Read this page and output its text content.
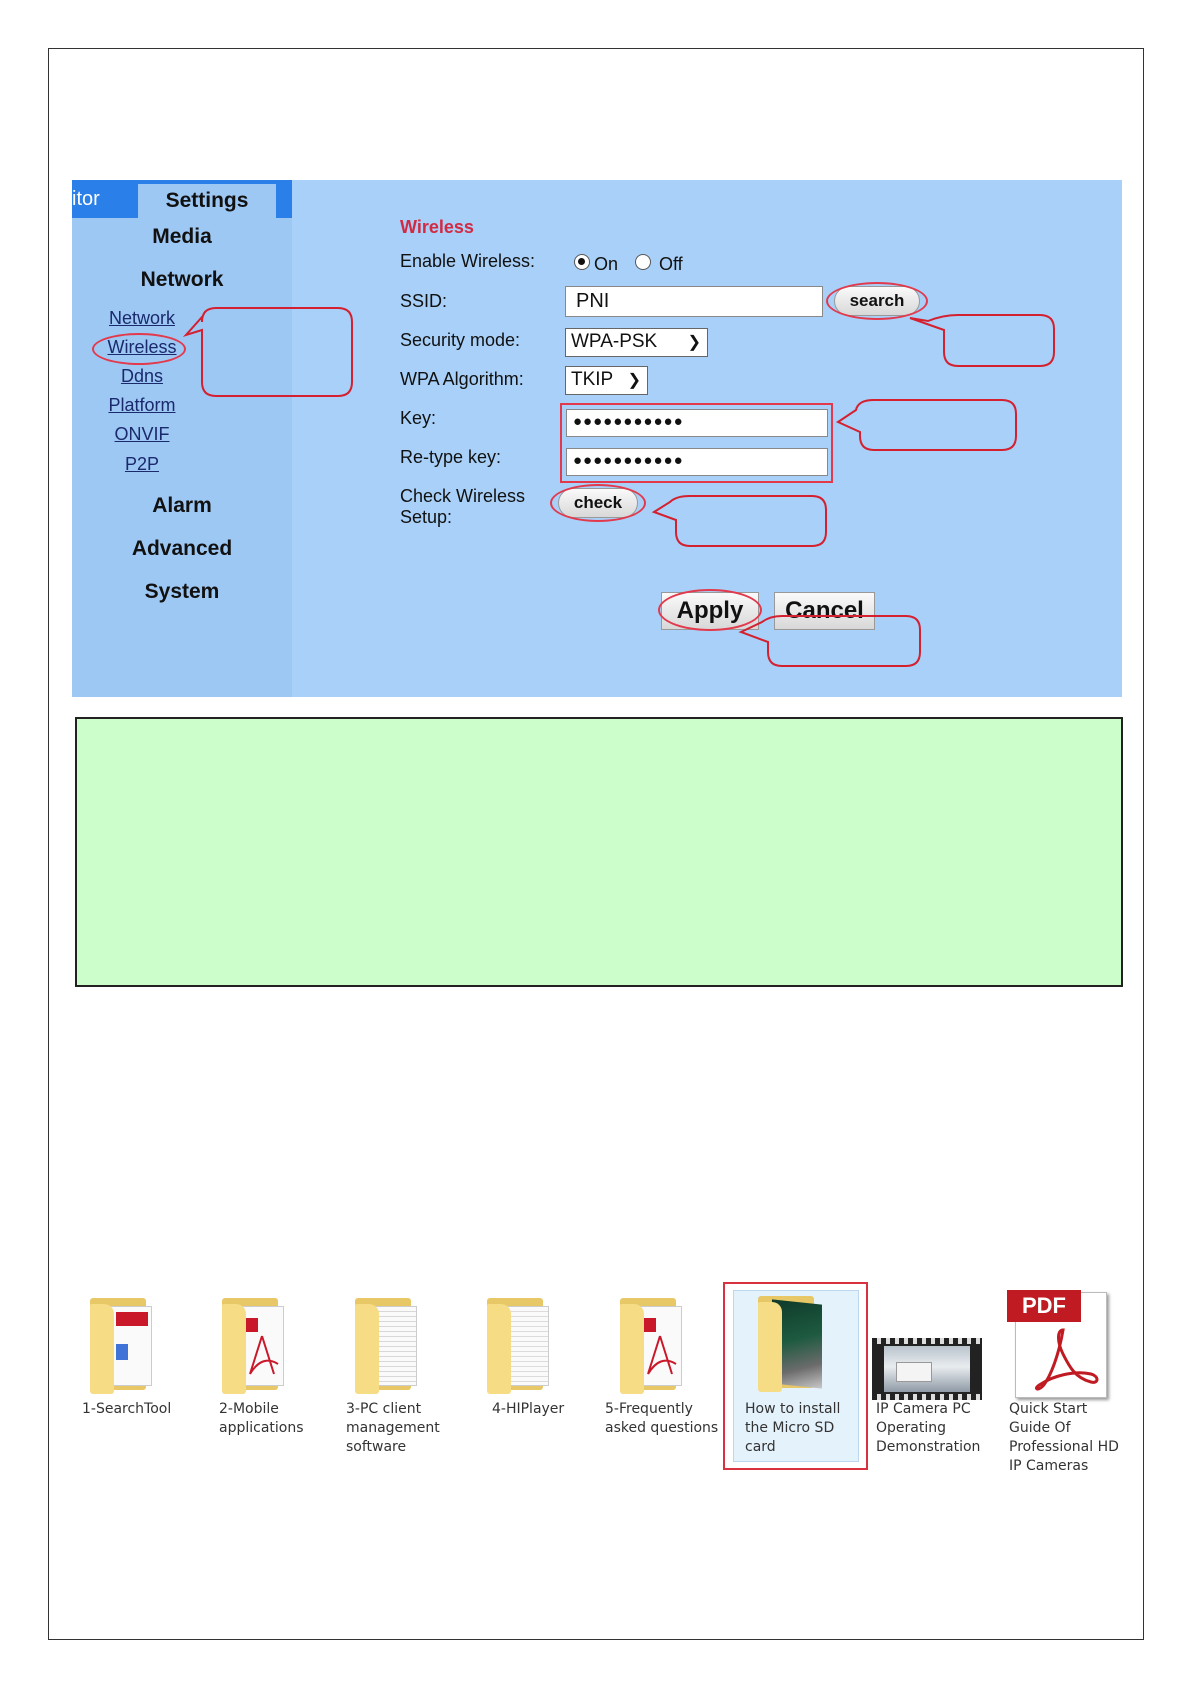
itor	Settings
Media
Network
Network
Wireless
Ddns
Platform
ONVIF
P2P
Alarm
Advanced
System
Wireless
Enable Wireless:	On Off
SSID:	PNI	search
Security mode:	WPA-PSK ❯
WPA Algorithm:	TKIP ❯
Key:	●●●●●●●●●●●
Re-type key:	●●●●●●●●●●●
Check Wireless
Setup:
check
Apply	Cancel
1-SearchTool	2-Mobile
applications
3-PC client
management
software
4-HIPlayer	5-Frequently
asked questions
How to install
the Micro SD
card
IP Camera PC
Operating
Demonstration
PDF
Quick Start
Guide Of
Professional HD
IP Cameras
